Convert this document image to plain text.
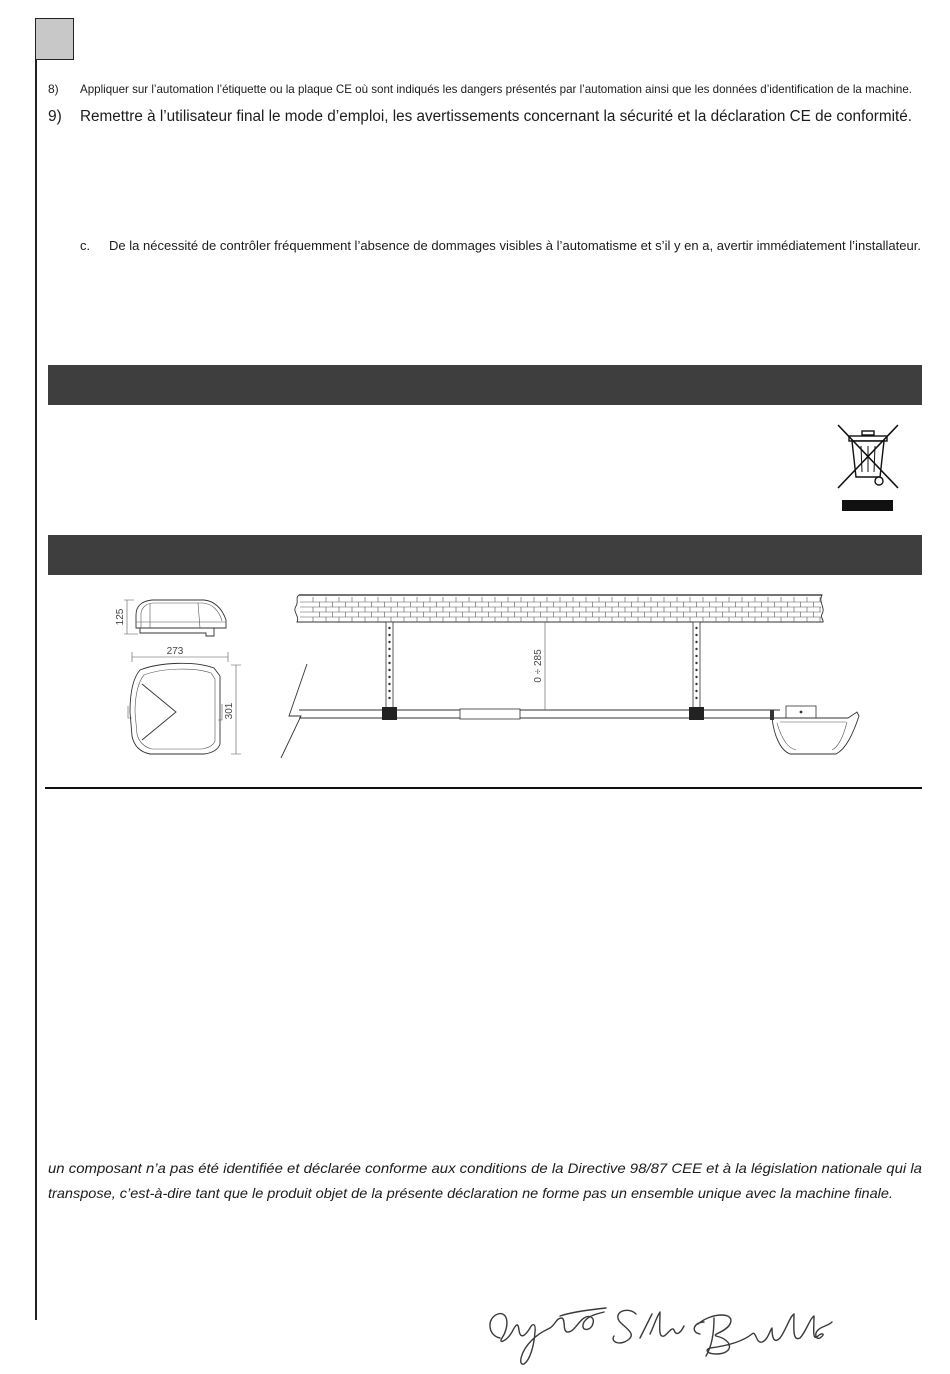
8) Appliquer sur l’automation l’étiquette ou la plaque CE où sont indiqués les dangers présentés par l’automation ainsi que les données d’identification de la machine.
9) Remettre à l’utilisateur final le mode d’emploi, les avertissements concernant la sécurité et la déclaration CE de conformité.
c. De la nécessité de contrôler fréquemment l’absence de dommages visibles à l’automatisme et s’il y en a, avertir immédiatement l’installateur.
125
273
301
0 ÷ 285
un composant n’a pas été identifiée et déclarée conforme aux conditions de la Directive 98/87 CEE et à la législation nationale qui la
transpose, c’est-à-dire tant que le produit objet de la présente déclaration ne forme pas un ensemble unique avec la machine finale.
